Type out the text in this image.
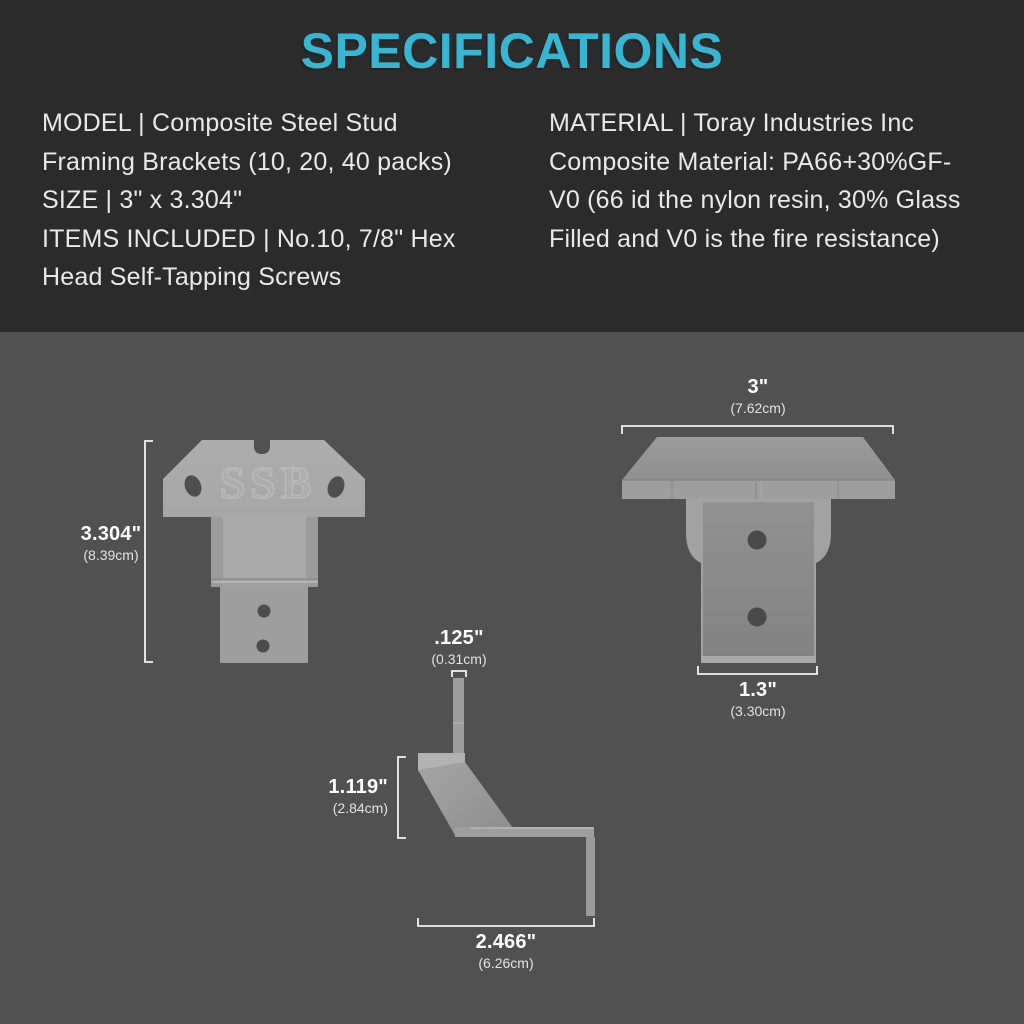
SPECIFICATIONS
MODEL | Composite Steel Stud
Framing Brackets (10, 20, 40 packs)
SIZE | 3" x 3.304"
ITEMS INCLUDED | No.10, 7/8" Hex
Head Self-Tapping Screws
MATERIAL | Toray Industries Inc
Composite Material: PA66+30%GF-
V0 (66 id the nylon resin, 30% Glass
Filled and V0 is the fire resistance)
SSB
3.304"
(8.39cm)
3"
(7.62cm)
1.3"
(3.30cm)
.125"
(0.31cm)
1.119"
(2.84cm)
2.466"
(6.26cm)
